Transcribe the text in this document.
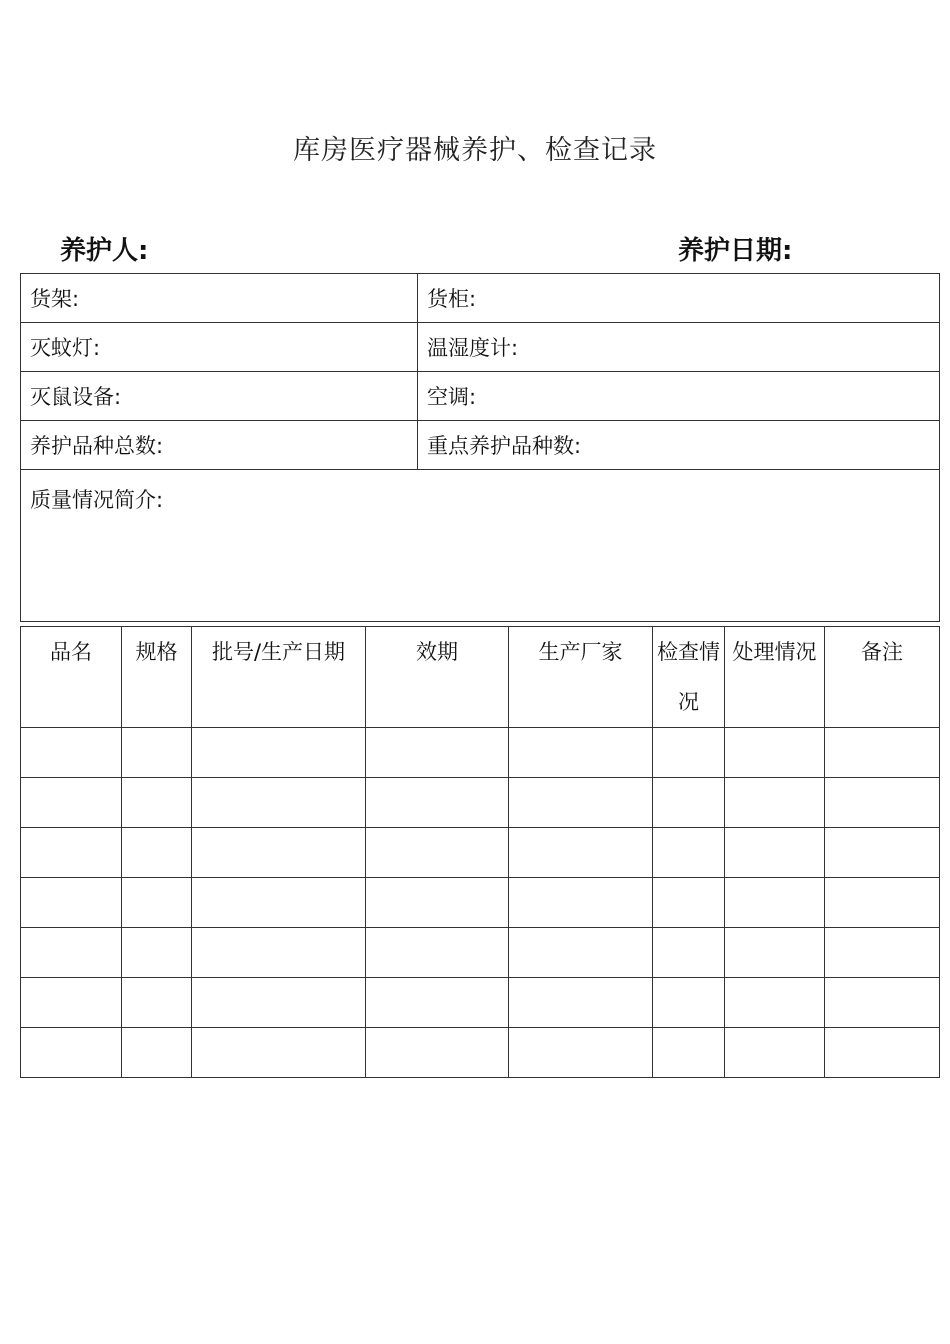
库房医疗器械养护、检查记录
养护人:	养护日期:
货架:	货柜:
灭蚊灯:	温湿度计:
灭鼠设备:	空调:
养护品种总数:	重点养护品种数:
质量情况简介:	
品名	规格	批号/生产日期	效期	生产厂家	检查情况	处理情况	备注
